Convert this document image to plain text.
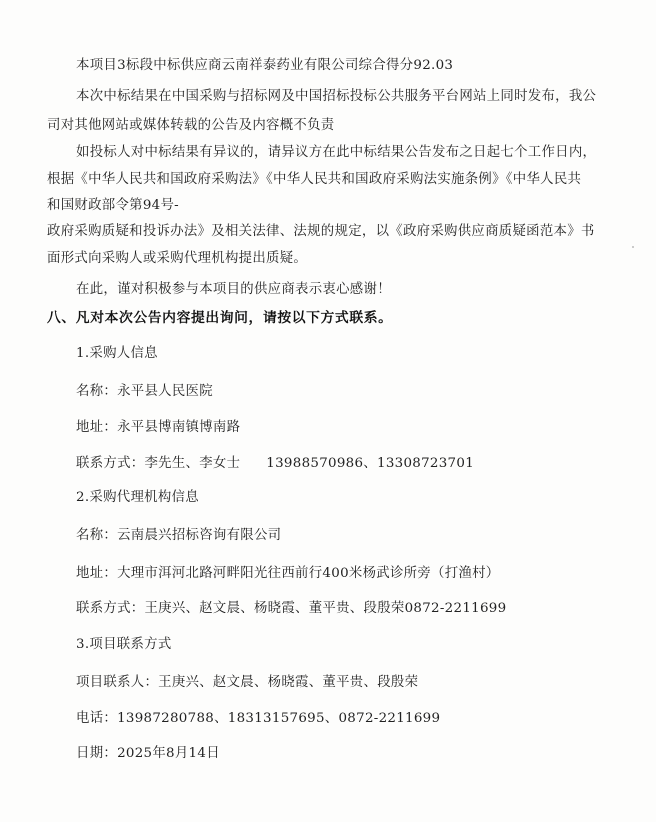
本项目3标段中标供应商云南祥泰药业有限公司综合得分92.03
本次中标结果在中国采购与招标网及中国招标投标公共服务平台网站上同时发布，我公
司对其他网站或媒体转载的公告及内容概不负责
如投标人对中标结果有异议的，请异议方在此中标结果公告发布之日起七个工作日内，
根据《中华人民共和国政府采购法》《中华人民共和国政府采购法实施条例》《中华人民共
和国财政部令第94号-
政府采购质疑和投诉办法》及相关法律、法规的规定，以《政府采购供应商质疑函范本》书
面形式向采购人或采购代理机构提出质疑。
在此，谨对积极参与本项目的供应商表示衷心感谢！
八、凡对本次公告内容提出询问，请按以下方式联系。
1.采购人信息
名称：永平县人民医院
地址：永平县博南镇博南路
联系方式：李先生、李女士 13988570986、13308723701
2.采购代理机构信息
名称：云南晨兴招标咨询有限公司
地址：大理市洱河北路河畔阳光往西前行400米杨武诊所旁（打渔村）
联系方式：王庚兴、赵文晨、杨晓霞、董平贵、段殷荣0872-2211699
3.项目联系方式
项目联系人：王庚兴、赵文晨、杨晓霞、董平贵、段殷荣
电话：13987280788、18313157695、0872-2211699
日期：2025年8月14日
